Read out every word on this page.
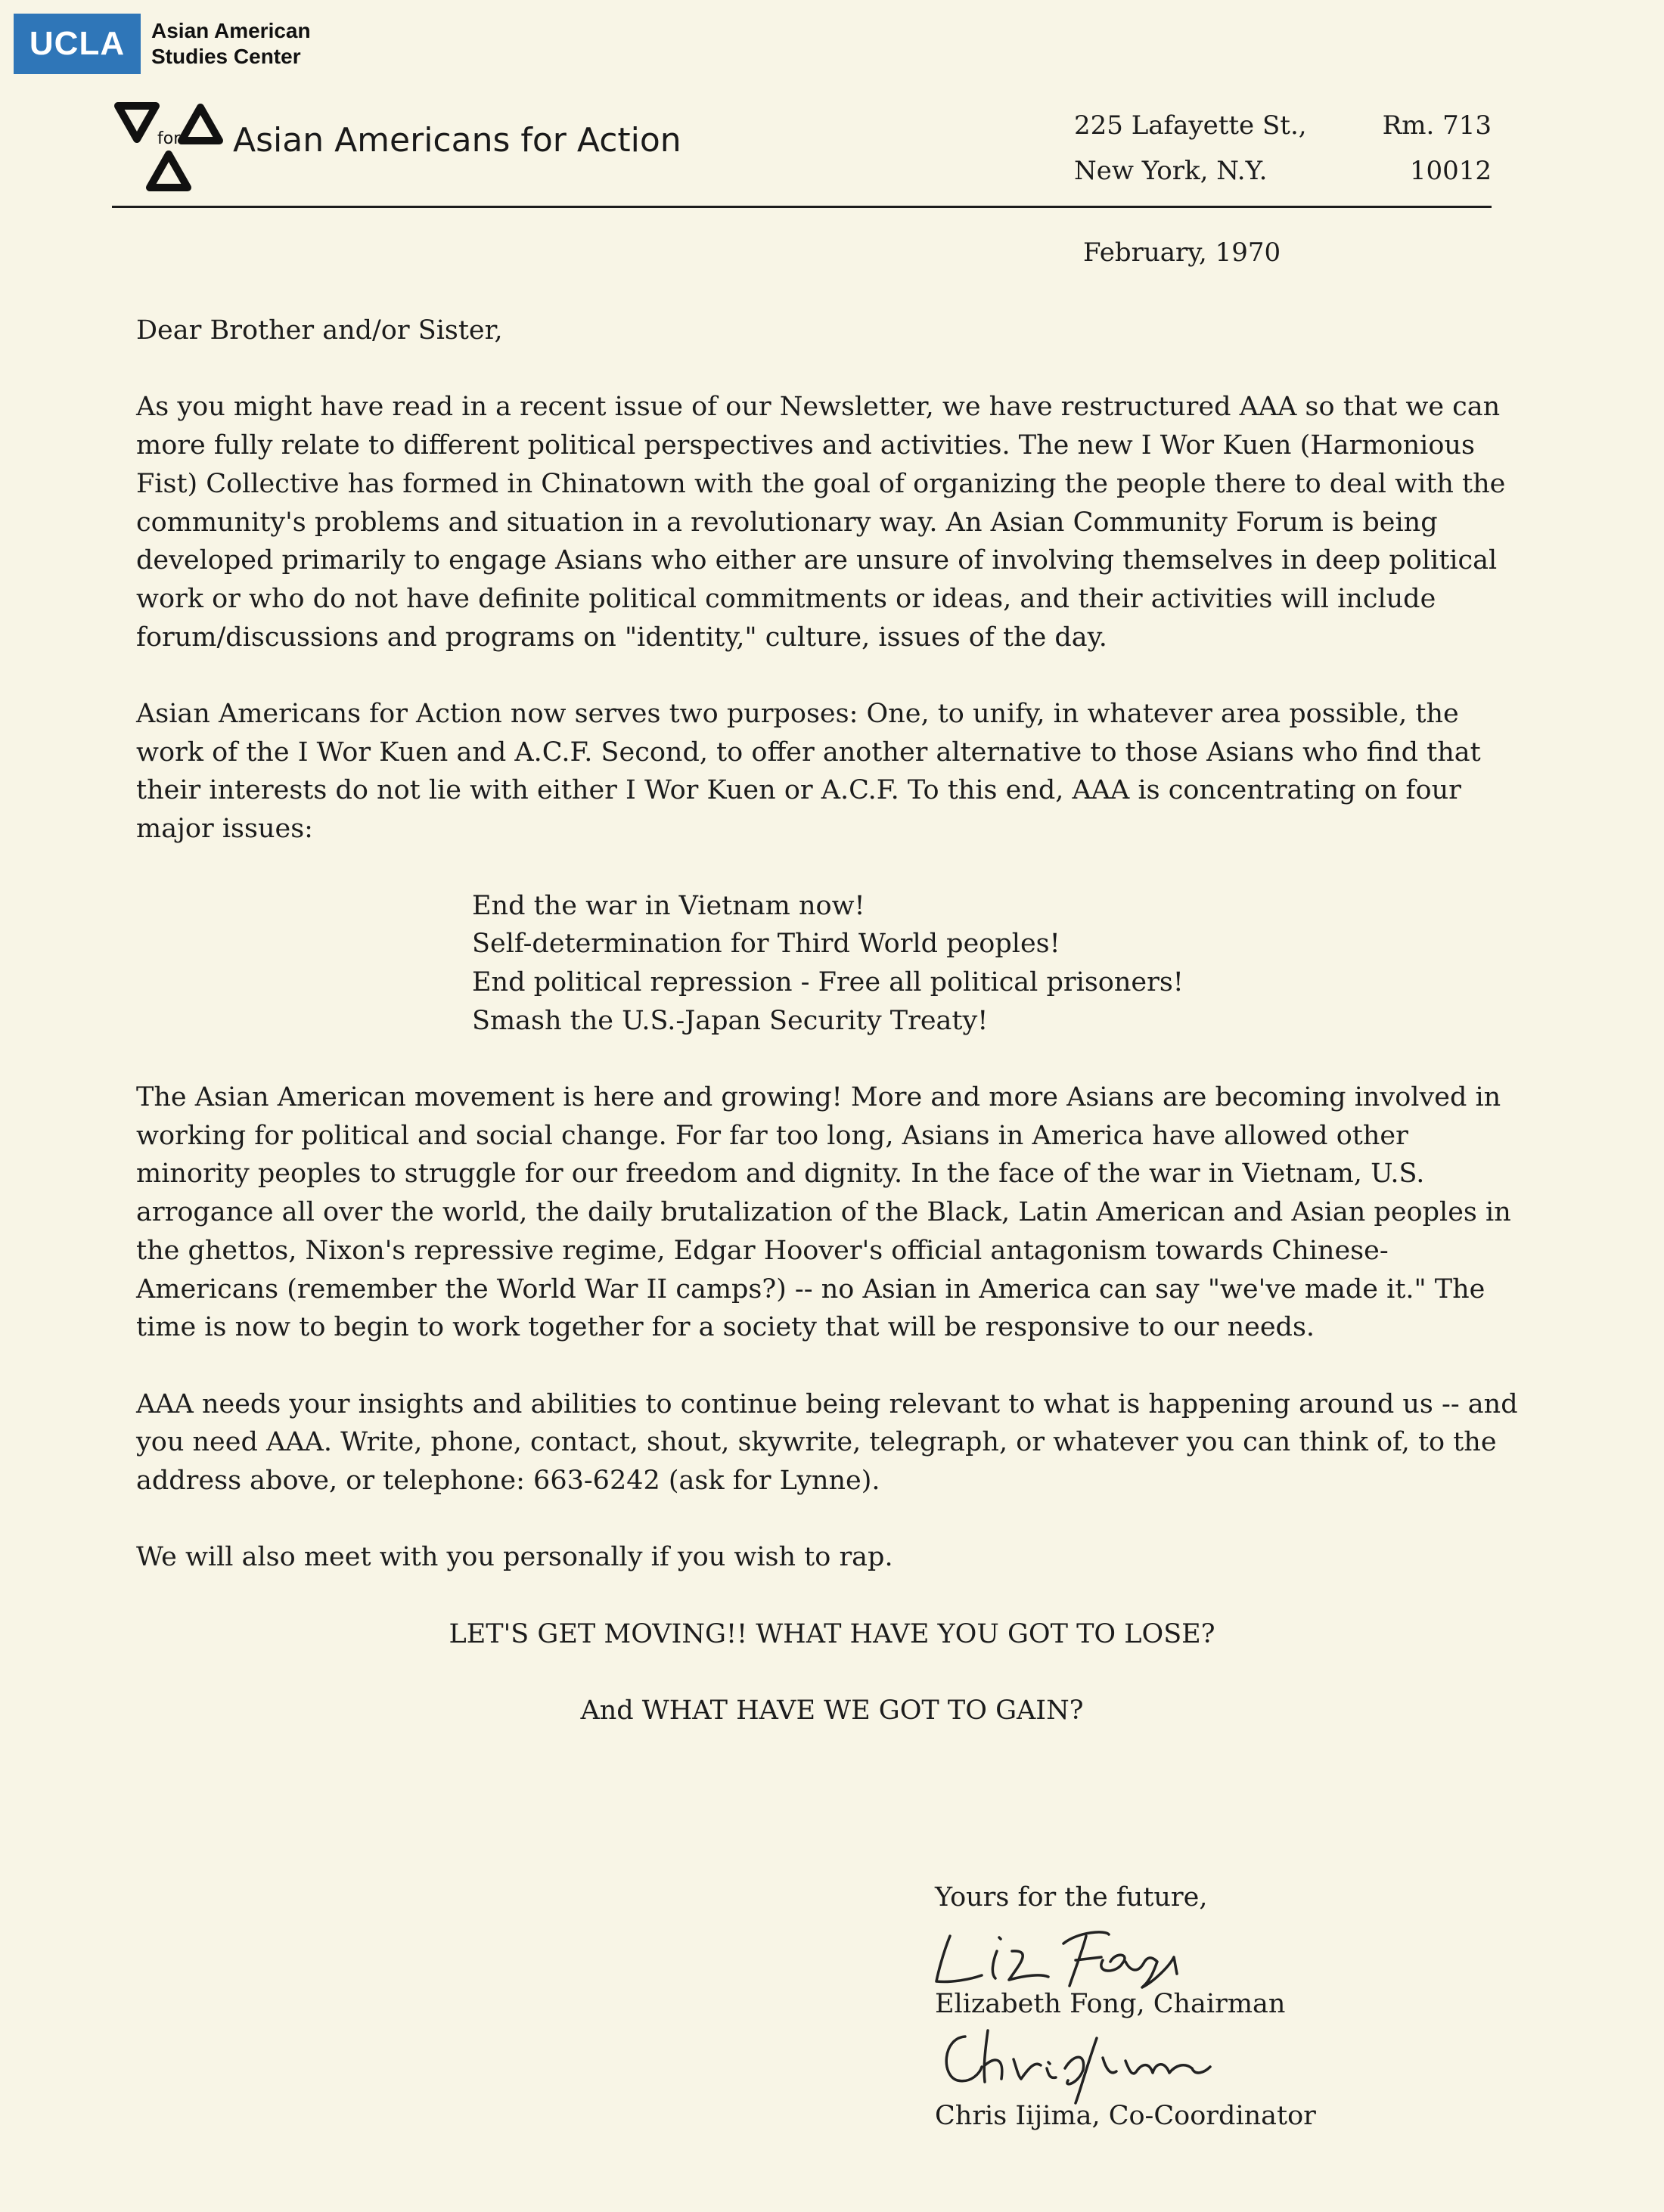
UCLA	Asian American
Studies Center
for Asian Americans for Action	225 Lafayette St.,	Rm. 713
New York, N.Y.	10012
February, 1970
Dear Brother and/or Sister,

As you might have read in a recent issue of our Newsletter, we have restructured AAA so that we can more fully relate to different political perspectives and activities. The new I Wor Kuen (Harmonious Fist) Collective has formed in Chinatown with the goal of organizing the people there to deal with the community's problems and situation in a revolutionary way. An Asian Community Forum is being developed primarily to engage Asians who either are unsure of involving themselves in deep political work or who do not have definite political commitments or ideas, and their activities will include forum/discussions and programs on "identity," culture, issues of the day.

Asian Americans for Action now serves two purposes: One, to unify, in whatever area possible, the work of the I Wor Kuen and A.C.F. Second, to offer another alternative to those Asians who find that their interests do not lie with either I Wor Kuen or A.C.F. To this end, AAA is concentrating on four major issues:

End the war in Vietnam now!
Self-determination for Third World peoples!
End political repression - Free all political prisoners!
Smash the U.S.-Japan Security Treaty!

The Asian American movement is here and growing! More and more Asians are becoming involved in working for political and social change. For far too long, Asians in America have allowed other minority peoples to struggle for our freedom and dignity. In the face of the war in Vietnam, U.S. arrogance all over the world, the daily brutalization of the Black, Latin American and Asian peoples in the ghettos, Nixon's repressive regime, Edgar Hoover's official antagonism towards Chinese-Americans (remember the World War II camps?) -- no Asian in America can say "we've made it." The time is now to begin to work together for a society that will be responsive to our needs.

AAA needs your insights and abilities to continue being relevant to what is happening around us -- and you need AAA. Write, phone, contact, shout, skywrite, telegraph, or whatever you can think of, to the address above, or telephone: 663-6242 (ask for Lynne).

We will also meet with you personally if you wish to rap.

LET'S GET MOVING!! WHAT HAVE YOU GOT TO LOSE?
And WHAT HAVE WE GOT TO GAIN?
Yours for the future,
Elizabeth Fong, Chairman
Chris Iijima, Co-Coordinator
